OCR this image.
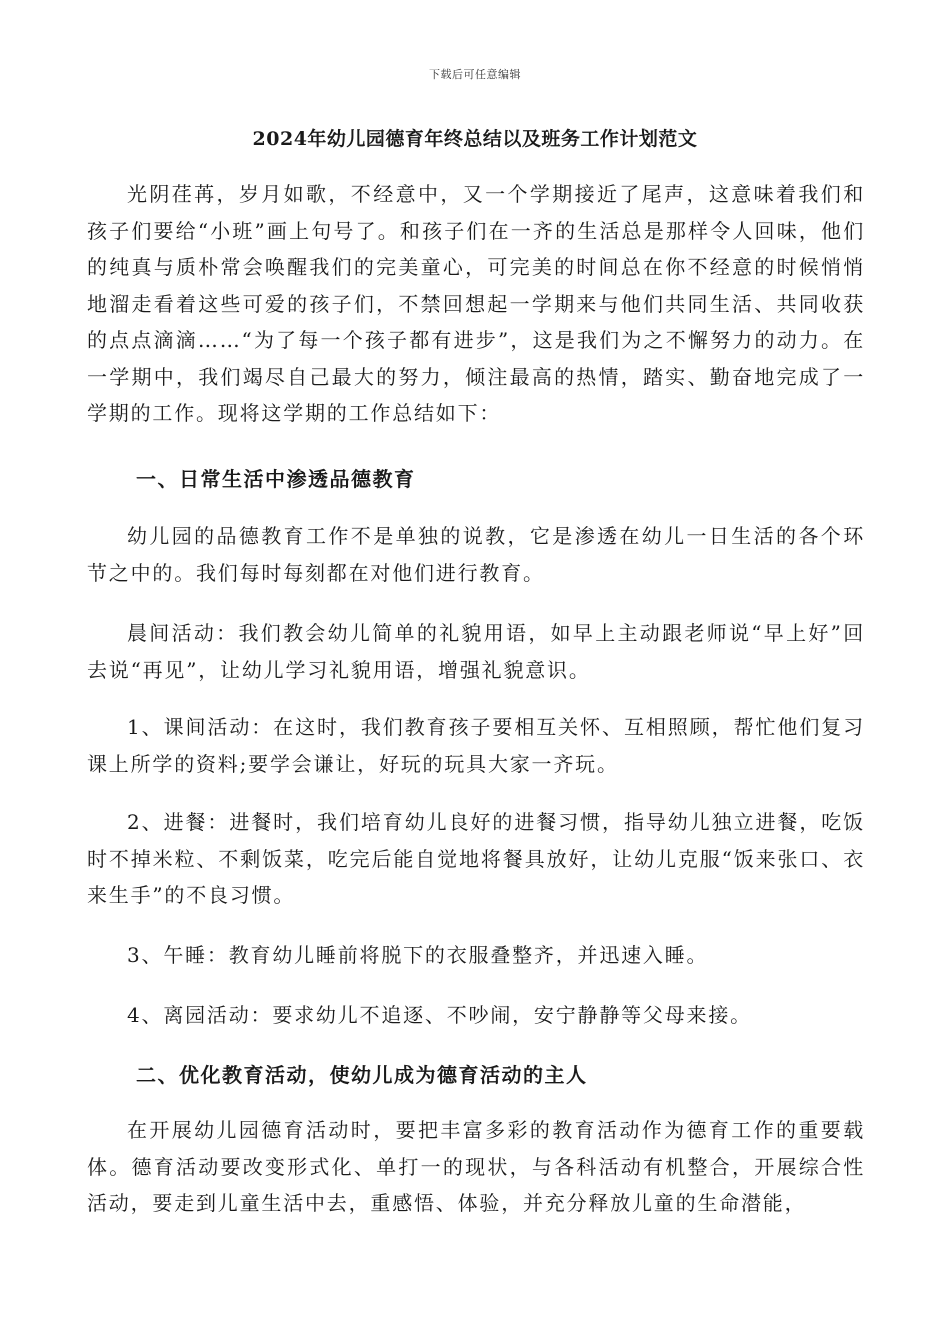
下载后可任意编辑
2024年幼儿园德育年终总结以及班务工作计划范文

光阴荏苒，岁月如歌，不经意中，又一个学期接近了尾声，这意味着我们和孩子们要给“小班”画上句号了。和孩子们在一齐的生活总是那样令人回味，他们的纯真与质朴常会唤醒我们的完美童心，可完美的时间总在你不经意的时候悄悄地溜走看着这些可爱的孩子们，不禁回想起一学期来与他们共同生活、共同收获的点点滴滴……“为了每一个孩子都有进步”，这是我们为之不懈努力的动力。在一学期中，我们竭尽自己最大的努力，倾注最高的热情，踏实、勤奋地完成了一学期的工作。现将这学期的工作总结如下：

一、日常生活中渗透品德教育

幼儿园的品德教育工作不是单独的说教，它是渗透在幼儿一日生活的各个环节之中的。我们每时每刻都在对他们进行教育。

晨间活动：我们教会幼儿简单的礼貌用语，如早上主动跟老师说“早上好”回去说“再见”，让幼儿学习礼貌用语，增强礼貌意识。

1、课间活动：在这时，我们教育孩子要相互关怀、互相照顾，帮忙他们复习课上所学的资料;要学会谦让，好玩的玩具大家一齐玩。

2、进餐：进餐时，我们培育幼儿良好的进餐习惯，指导幼儿独立进餐，吃饭时不掉米粒、不剩饭菜，吃完后能自觉地将餐具放好，让幼儿克服“饭来张口、衣来生手”的不良习惯。

3、午睡：教育幼儿睡前将脱下的衣服叠整齐，并迅速入睡。

4、离园活动：要求幼儿不追逐、不吵闹，安宁静静等父母来接。

二、优化教育活动，使幼儿成为德育活动的主人

在开展幼儿园德育活动时，要把丰富多彩的教育活动作为德育工作的重要载体。德育活动要改变形式化、单打一的现状，与各科活动有机整合，开展综合性活动，要走到儿童生活中去，重感悟、体验，并充分释放儿童的生命潜能，
